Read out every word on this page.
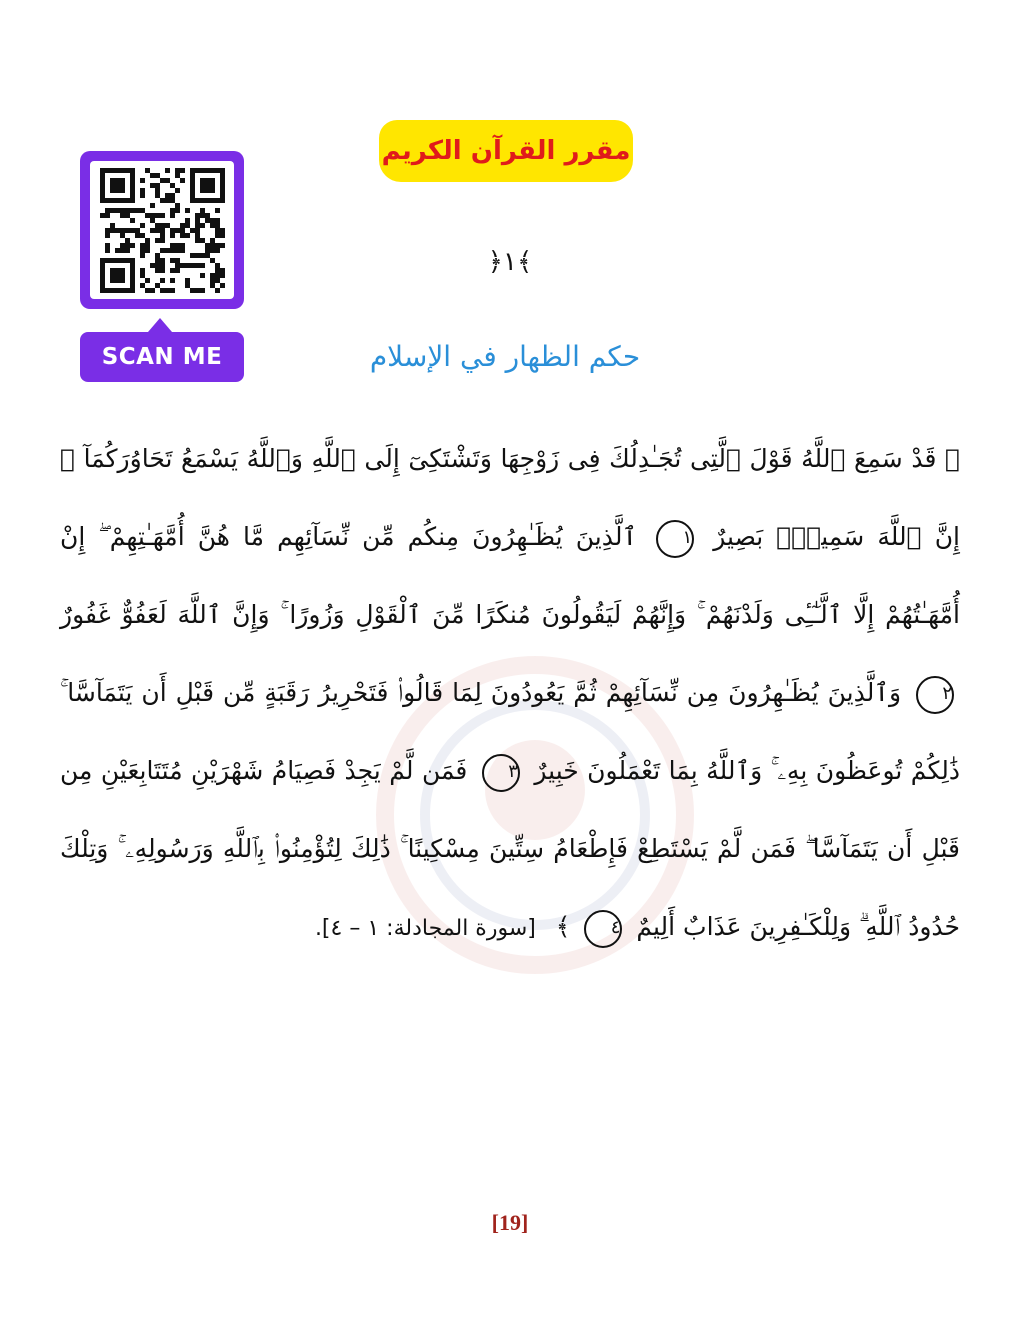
SCAN ME
مقرر القرآن الكريم
﴿١﴾
حكم الظهار في الإسلام
﴿ قَدْ سَمِعَ ٱللَّهُ قَوْلَ ٱلَّتِى تُجَـٰدِلُكَ فِى زَوْجِهَا وَتَشْتَكِىٓ إِلَى ٱللَّهِ وَٱللَّهُ يَسْمَعُ تَحَاوُرَكُمَآ ۚ إِنَّ ٱللَّهَ سَمِيعٌۢ بَصِيرٌ ١ ٱلَّذِينَ يُظَـٰهِرُونَ مِنكُم مِّن نِّسَآئِهِم مَّا هُنَّ أُمَّهَـٰتِهِمْ ۖ إِنْ أُمَّهَـٰتُهُمْ إِلَّا ٱلَّـٰٓـِٔى وَلَدْنَهُمْ ۚ وَإِنَّهُمْ لَيَقُولُونَ مُنكَرًا مِّنَ ٱلْقَوْلِ وَزُورًا ۚ وَإِنَّ ٱللَّهَ لَعَفُوٌّ غَفُورٌ ٢ وَٱلَّذِينَ يُظَـٰهِرُونَ مِن نِّسَآئِهِمْ ثُمَّ يَعُودُونَ لِمَا قَالُوا۟ فَتَحْرِيرُ رَقَبَةٍ مِّن قَبْلِ أَن يَتَمَآسَّا ۚ ذَٰلِكُمْ تُوعَظُونَ بِهِۦ ۚ وَٱللَّهُ بِمَا تَعْمَلُونَ خَبِيرٌ ٣ فَمَن لَّمْ يَجِدْ فَصِيَامُ شَهْرَيْنِ مُتَتَابِعَيْنِ مِن قَبْلِ أَن يَتَمَآسَّا ۖ فَمَن لَّمْ يَسْتَطِعْ فَإِطْعَامُ سِتِّينَ مِسْكِينًا ۚ ذَٰلِكَ لِتُؤْمِنُوا۟ بِٱللَّهِ وَرَسُولِهِۦ ۚ وَتِلْكَ حُدُودُ ٱللَّهِ ۗ وَلِلْكَـٰفِرِينَ عَذَابٌ أَلِيمٌ ٤ ﴾ [سورة المجادلة: ١ – ٤].
[19]
